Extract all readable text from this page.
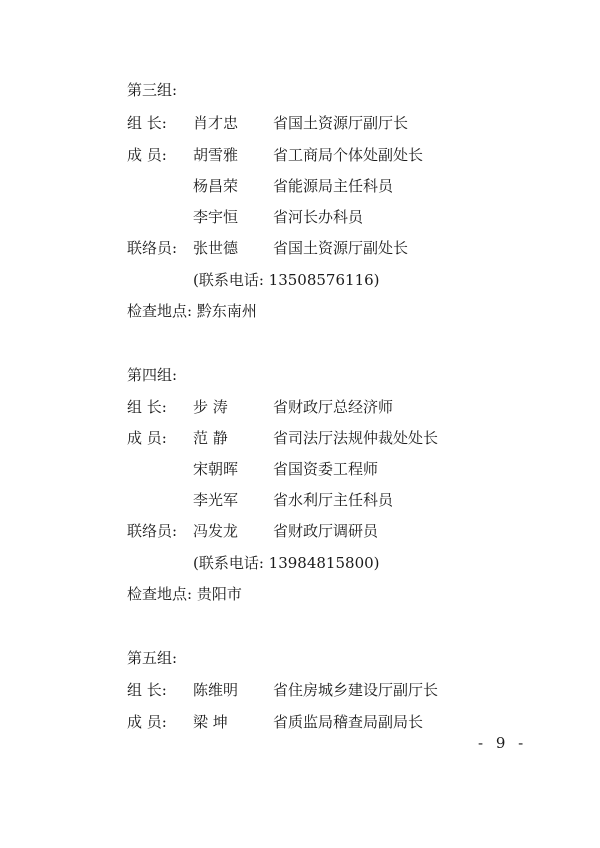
第三组:
组 长: 肖才忠 省国土资源厅副厅长
成 员: 胡雪雅 省工商局个体处副处长
杨昌荣 省能源局主任科员
李宇恒 省河长办科员
联络员: 张世德 省国土资源厅副处长
(联系电话: 13508576116)
检查地点: 黔东南州
第四组:
组 长: 步 涛	省财政厅总经济师
成 员: 范 静	省司法厅法规仲裁处处长
宋朝晖 省国资委工程师
李光军 省水利厅主任科员
联络员: 冯发龙 省财政厅调研员
(联系电话: 13984815800)
检查地点: 贵阳市
第五组:
组 长: 陈维明 省住房城乡建设厅副厅长
成 员: 梁 坤	省质监局稽查局副局长
- 9 -
